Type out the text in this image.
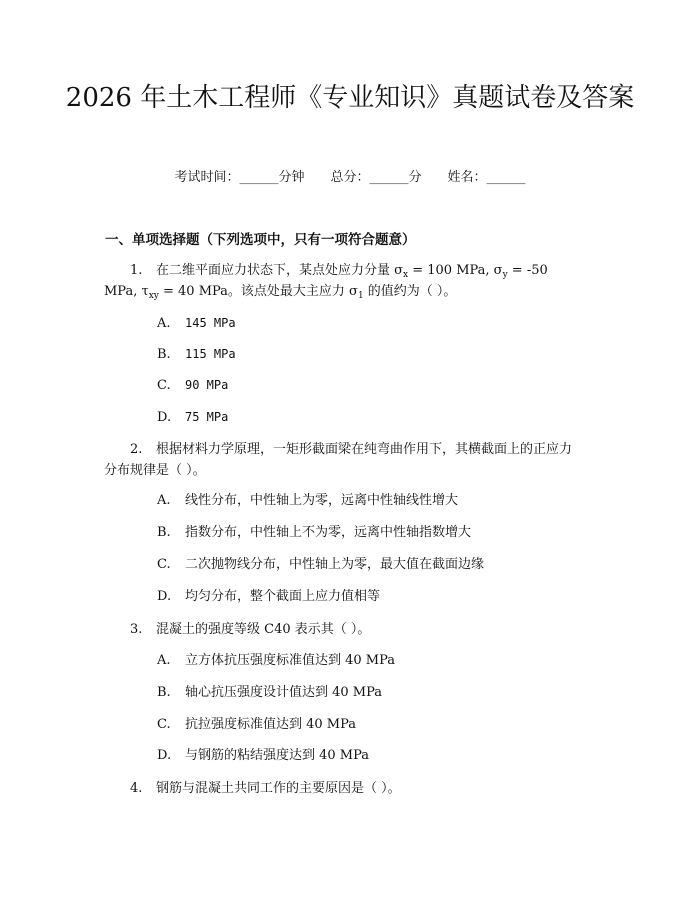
2026 年土木工程师《专业知识》真题试卷及答案
考试时间：______分钟 总分：______分 姓名：______
一、单项选择题（下列选项中，只有一项符合题意）

1. 在二维平面应力状态下，某点处应力分量 $\sigma_x = 100$ MPa, $\sigma_y = -50$
MPa, $\tau_{xy} = 40$ MPa。该点处最大主应力 $\sigma_1$ 的值约为（ ）。

A. 145 MPa

B. 115 MPa

C. 90 MPa

D. 75 MPa

2. 根据材料力学原理，一矩形截面梁在纯弯曲作用下，其横截面上的正应力
分布规律是（ ）。

A. 线性分布，中性轴上为零，远离中性轴线性增大

B. 指数分布，中性轴上不为零，远离中性轴指数增大

C. 二次抛物线分布，中性轴上为零，最大值在截面边缘

D. 均匀分布，整个截面上应力值相等

3. 混凝土的强度等级 C40 表示其（ ）。

A. 立方体抗压强度标准值达到 40 MPa

B. 轴心抗压强度设计值达到 40 MPa

C. 抗拉强度标准值达到 40 MPa

D. 与钢筋的粘结强度达到 40 MPa

4. 钢筋与混凝土共同工作的主要原因是（ ）。
